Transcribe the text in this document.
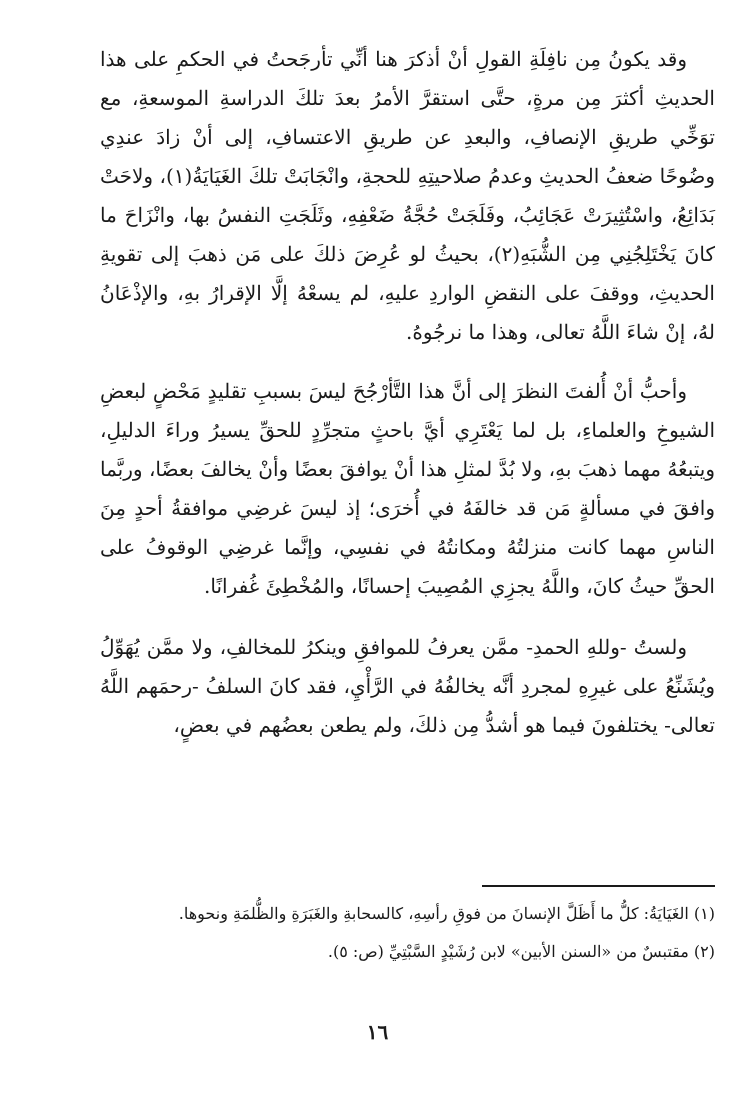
وقد يكونُ مِن نافِلَةِ القولِ أنْ أذكرَ هنا أنِّي تأرجَحتُ في الحكمِ على هذا الحديثِ أكثرَ مِن مرةٍ، حتَّى استقرَّ الأمرُ بعدَ تلكَ الدراسةِ الموسعةِ، مع توَخِّي طريقِ الإنصافِ، والبعدِ عن طريقِ الاعتسافِ، إلى أنْ زادَ عندِي وضُوحًا ضعفُ الحديثِ وعدمُ صلاحيتِهِ للحجةِ، وانْجَابَتْ تلكَ الغَيَايَةُ(١)، ولاحَتْ بَدَائِعُ، واسْتُثِيرَتْ عَجَائِبُ، وفَلَجَتْ حُجَّةُ ضَعْفِهِ، وثَلَجَتِ النفسُ بها، وانْزَاحَ ما كانَ يَخْتَلِجُنِي مِن الشُّبَهِ(٢)، بحيثُ لو عُرِضَ ذلكَ على مَن ذهبَ إلى تقويةِ الحديثِ، ووقفَ على النقضِ الواردِ عليهِ، لم يسعْهُ إلَّا الإقرارُ بهِ، والإذْعَانُ لهُ، إنْ شاءَ اللَّهُ تعالى، وهذا ما نرجُوهُ.

وأحبُّ أنْ أُلفتَ النظرَ إلى أنَّ هذا التَّأرْجُحَ ليسَ بسببِ تقليدٍ مَحْضٍ لبعضِ الشيوخِ والعلماءِ، بل لما يَعْتَرِي أيَّ باحثٍ متجرِّدٍ للحقِّ يسيرُ وراءَ الدليلِ، ويتبعُهُ مهما ذهبَ بهِ، ولا بُدَّ لمثلِ هذا أنْ يوافقَ بعضًا وأنْ يخالفَ بعضًا، وربَّما وافقَ في مسألةٍ مَن قد خالفَهُ في أُخرَى؛ إذ ليسَ غرضِي موافقةُ أحدٍ مِنَ الناسِ مهما كانت منزلتُهُ ومكانتُهُ في نفسِي، وإنَّما غرضِي الوقوفُ على الحقِّ حيثُ كانَ، واللَّهُ يجزِي المُصِيبَ إحسانًا، والمُخْطِئَ غُفرانًا.

ولستُ -وللهِ الحمدِ- ممَّن يعرفُ للموافقِ وينكرُ للمخالفِ، ولا ممَّن يُهَوِّلُ ويُشَنِّعُ على غيرِهِ لمجردِ أنَّه يخالفُهُ في الرَّأْيِ، فقد كانَ السلفُ -رحمَهم اللَّهُ تعالى- يختلفونَ فيما هو أشدُّ مِن ذلكَ، ولم يطعن بعضُهم في بعضٍ،

(١) الغَيَايَةُ: كلُّ ما أَظَلَّ الإنسانَ من فوقِ رأسِهِ، كالسحابةِ والغَبَرَةِ والظُّلمَةِ ونحوها.

(٢) مقتبسٌ من «السنن الأبين» لابن رُشَيْدٍ السَّبْتِيِّ (ص: ٥).

١٦
